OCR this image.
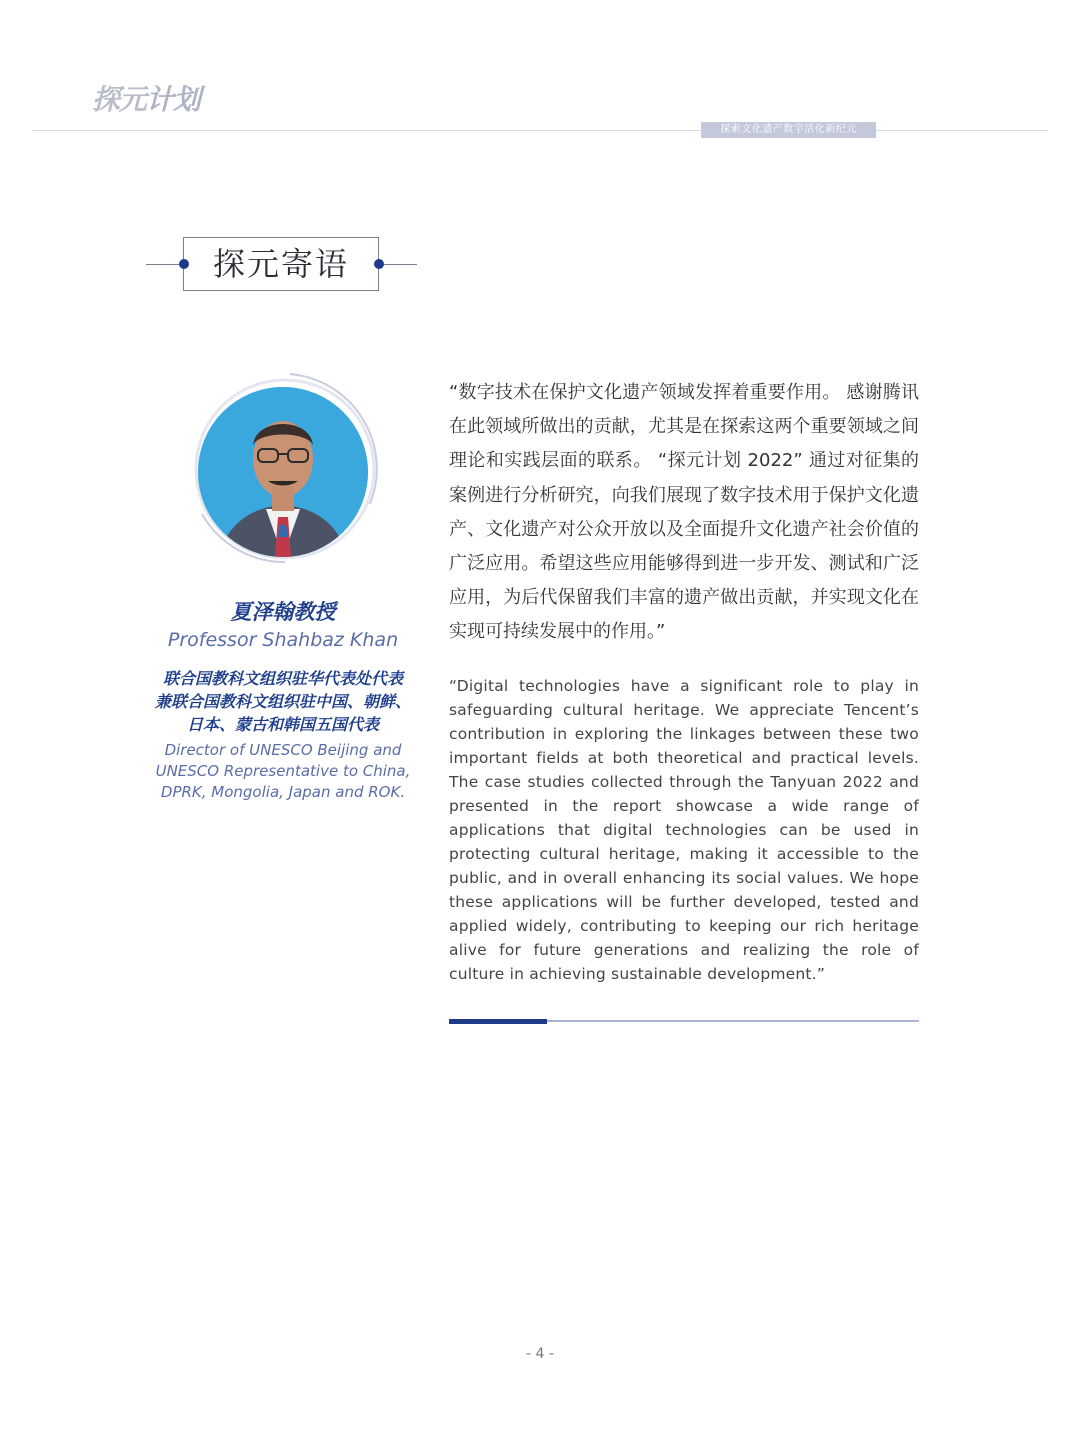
探元计划
探索文化遗产数字活化新纪元
探元寄语
夏泽翰教授
Professor Shahbaz Khan
联合国教科文组织驻华代表处代表
兼联合国教科文组织驻中国、朝鲜、
日本、蒙古和韩国五国代表
Director of UNESCO Beijing and
UNESCO Representative to China,
DPRK, Mongolia, Japan and ROK.
“数字技术在保护文化遗产领域发挥着重要作用。 感谢腾讯在此领域所做出的贡献，尤其是在探索这两个重要领域之间理论和实践层面的联系。 “探元计划 2022” 通过对征集的案例进行分析研究，向我们展现了数字技术用于保护文化遗产、文化遗产对公众开放以及全面提升文化遗产社会价值的广泛应用。希望这些应用能够得到进一步开发、测试和广泛应用，为后代保留我们丰富的遗产做出贡献，并实现文化在实现可持续发展中的作用。”
“Digital technologies have a significant role to play in safeguarding cultural heritage. We appreciate Tencent’s contribution in exploring the linkages between these two important fields at both theoretical and practical levels. The case studies collected through the Tanyuan 2022 and presented in the report showcase a wide range of applications that digital technologies can be used in protecting cultural heritage, making it accessible to the public, and in overall enhancing its social values. We hope these applications will be further developed, tested and applied widely, contributing to keeping our rich heritage alive for future generations and realizing the role of culture in achieving sustainable development.”
- 4 -
